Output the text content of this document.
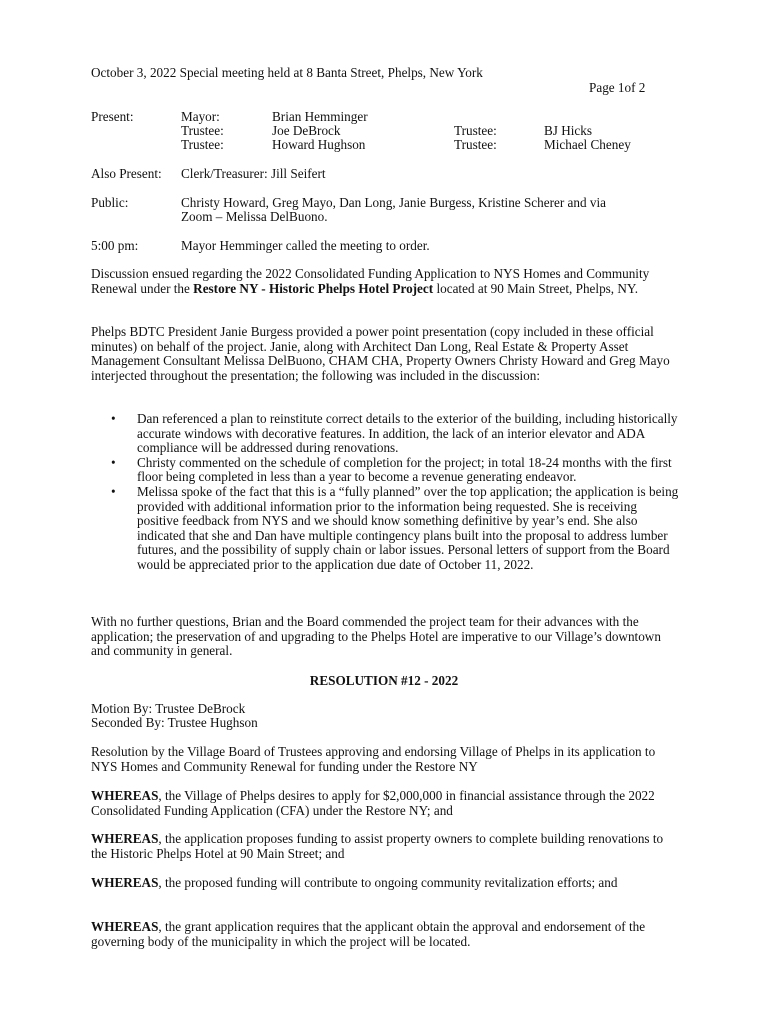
October 3, 2022 Special meeting held at 8 Banta Street, Phelps, New York
Page 1of 2
Present:	Mayor:	Brian Hemminger
Trustee:	Joe DeBrock	Trustee:	BJ Hicks
Trustee:	Howard Hughson	Trustee:	Michael Cheney
Also Present: Clerk/Treasurer: Jill Seifert
Public:	Christy Howard, Greg Mayo, Dan Long, Janie Burgess, Kristine Scherer and via
Zoom – Melissa DelBuono.
5:00 pm:	Mayor Hemminger called the meeting to order.

Discussion ensued regarding the 2022 Consolidated Funding Application to NYS Homes and Community Renewal under the Restore NY - Historic Phelps Hotel Project located at 90 Main Street, Phelps, NY.

Phelps BDTC President Janie Burgess provided a power point presentation (copy included in these official minutes) on behalf of the project. Janie, along with Architect Dan Long, Real Estate & Property Asset Management Consultant Melissa DelBuono, CHAM CHA, Property Owners Christy Howard and Greg Mayo interjected throughout the presentation; the following was included in the discussion:

•	Dan referenced a plan to reinstitute correct details to the exterior of the building, including historically accurate windows with decorative features. In addition, the lack of an interior elevator and ADA compliance will be addressed during renovations.
•	Christy commented on the schedule of completion for the project; in total 18-24 months with the first floor being completed in less than a year to become a revenue generating endeavor.
•	Melissa spoke of the fact that this is a “fully planned” over the top application; the application is being provided with additional information prior to the information being requested. She is receiving positive feedback from NYS and we should know something definitive by year’s end. She also indicated that she and Dan have multiple contingency plans built into the proposal to address lumber futures, and the possibility of supply chain or labor issues. Personal letters of support from the Board would be appreciated prior to the application due date of October 11, 2022.

With no further questions, Brian and the Board commended the project team for their advances with the application; the preservation of and upgrading to the Phelps Hotel are imperative to our Village’s downtown and community in general.

RESOLUTION #12 - 2022
Motion By: Trustee DeBrock
Seconded By: Trustee Hughson

Resolution by the Village Board of Trustees approving and endorsing Village of Phelps in its application to NYS Homes and Community Renewal for funding under the Restore NY

WHEREAS, the Village of Phelps desires to apply for $2,000,000 in financial assistance through the 2022 Consolidated Funding Application (CFA) under the Restore NY; and

WHEREAS, the application proposes funding to assist property owners to complete building renovations to the Historic Phelps Hotel at 90 Main Street; and

WHEREAS, the proposed funding will contribute to ongoing community revitalization efforts; and

WHEREAS, the grant application requires that the applicant obtain the approval and endorsement of the governing body of the municipality in which the project will be located.
